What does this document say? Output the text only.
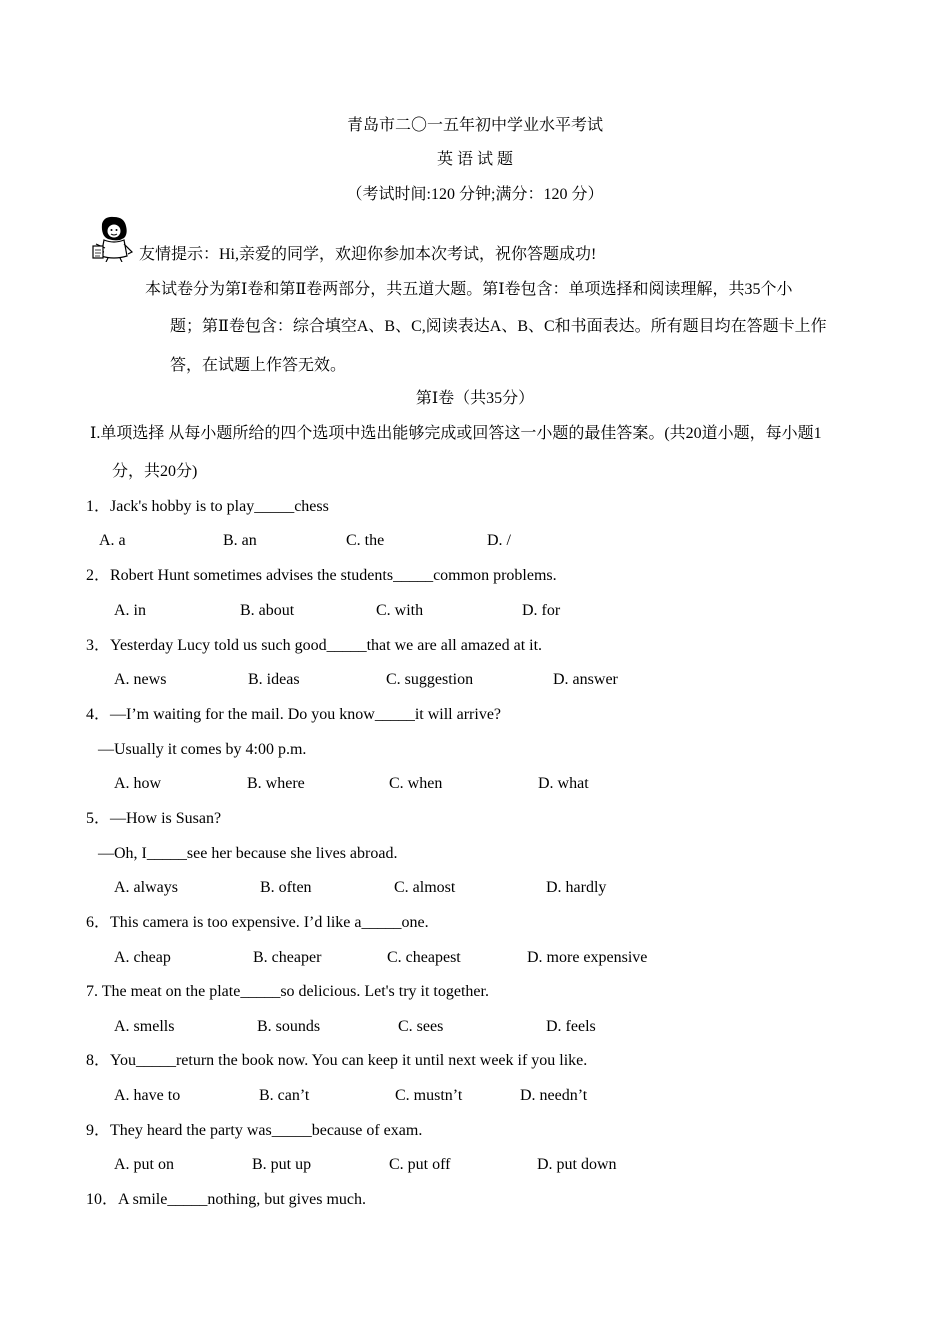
青岛市二〇一五年初中学业水平考试
英 语 试 题
（考试时间:120 分钟;满分：120 分）
友情提示：Hi,亲爱的同学，欢迎你参加本次考试，祝你答题成功!
本试卷分为第Ⅰ卷和第Ⅱ卷两部分，共五道大题。第Ⅰ卷包含：单项选择和阅读理解，共35个小
题；第Ⅱ卷包含：综合填空A、B、C,阅读表达A、B、C和书面表达。所有题目均在答题卡上作
答，在试题上作答无效。
第Ⅰ卷（共35分）
Ⅰ.单项选择 从每小题所给的四个选项中选出能够完成或回答这一小题的最佳答案。(共20道小题，每小题1
分，共20分)
1．Jack's hobby is to play_____chess
A. a	B. an	C. the	D. /
2．Robert Hunt sometimes advises the students_____common problems.
A. in	B. about	C. with	D. for
3．Yesterday Lucy told us such good_____that we are all amazed at it.
A. news	B. ideas	C. suggestion	D. answer
4．—I’m waiting for the mail. Do you know_____it will arrive?
—Usually it comes by 4:00 p.m.
A. how	B. where	C. when	D. what
5．—How is Susan?
—Oh, I_____see her because she lives abroad.
A. always	B. often	C. almost	D. hardly
6．This camera is too expensive. I’d like a_____one.
A. cheap	B. cheaper	C. cheapest	D. more expensive
7. The meat on the plate_____so delicious. Let's try it together.
A. smells	B. sounds	C. sees	D. feels
8．You_____return the book now. You can keep it until next week if you like.
A. have to	B. can’t	C. mustn’t	D. needn’t
9．They heard the party was_____because of exam.
A. put on	B. put up	C. put off	D. put down
10．A smile_____nothing, but gives much.
